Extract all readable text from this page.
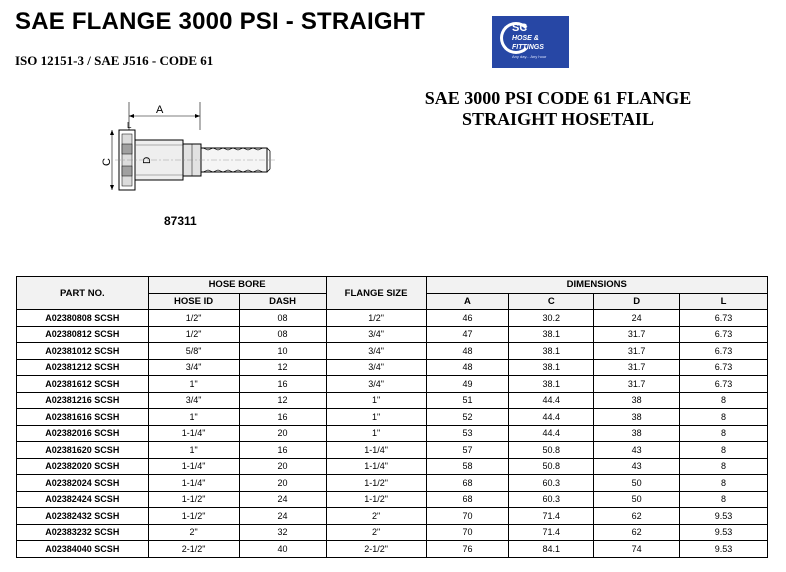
SAE FLANGE 3000 PSI - STRAIGHT
ISO 12151-3 / SAE J516 - CODE 61
SC
HOSE &
FITTINGS
Any day... Any hour
SAE 3000 PSI CODE 61 FLANGE
STRAIGHT HOSETAIL
A
C	D
L
87311
PART NO.	HOSE BORE		FLANGE SIZE	DIMENSIONS			
	HOSE ID	DASH		A	C	D	L
A02380808 SCSH	1/2"	08	1/2"	46	30.2	24	6.73
A02380812 SCSH	1/2"	08	3/4"	47	38.1	31.7	6.73
A02381012 SCSH	5/8"	10	3/4"	48	38.1	31.7	6.73
A02381212 SCSH	3/4"	12	3/4"	48	38.1	31.7	6.73
A02381612 SCSH	1"	16	3/4"	49	38.1	31.7	6.73
A02381216 SCSH	3/4"	12	1"	51	44.4	38	8
A02381616 SCSH	1"	16	1"	52	44.4	38	8
A02382016 SCSH	1-1/4"	20	1"	53	44.4	38	8
A02381620 SCSH	1"	16	1-1/4"	57	50.8	43	8
A02382020 SCSH	1-1/4"	20	1-1/4"	58	50.8	43	8
A02382024 SCSH	1-1/4"	20	1-1/2"	68	60.3	50	8
A02382424 SCSH	1-1/2"	24	1-1/2"	68	60.3	50	8
A02382432 SCSH	1-1/2"	24	2"	70	71.4	62	9.53
A02383232 SCSH	2"	32	2"	70	71.4	62	9.53
A02384040 SCSH	2-1/2"	40	2-1/2"	76	84.1	74	9.53
